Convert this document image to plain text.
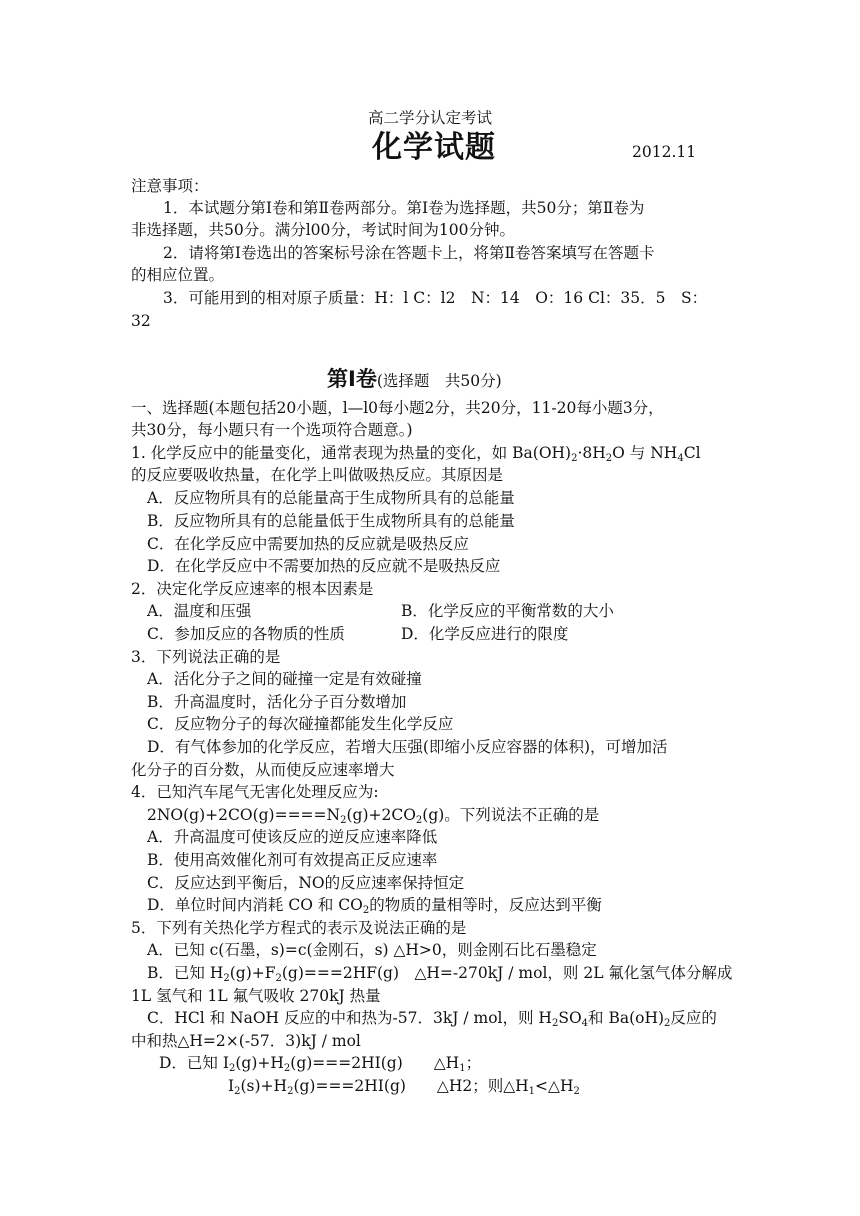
高二学分认定考试
化学试题	2012.11
注意事项：
1．本试题分第Ⅰ卷和第Ⅱ卷两部分。第Ⅰ卷为选择题，共50分；第Ⅱ卷为
非选择题，共50分。满分l00分，考试时间为100分钟。
2．请将第Ⅰ卷选出的答案标号涂在答题卡上，将第Ⅱ卷答案填写在答题卡
的相应位置。
3．可能用到的相对原子质量：H：l C：l2　N：14　O：16 Cl：35．5　S：
32
第Ⅰ卷(选择题　共50分)
一、选择题(本题包括20小题，l—l0每小题2分，共20分，11-20每小题3分，
共30分，每小题只有一个选项符合题意。)
1. 化学反应中的能量变化，通常表现为热量的变化，如 $Ba(OH)_2\cdot 8H_2O$ 与 $NH_4Cl$
的反应要吸收热量，在化学上叫做吸热反应。其原因是
A．反应物所具有的总能量高于生成物所具有的总能量
B．反应物所具有的总能量低于生成物所具有的总能量
C．在化学反应中需要加热的反应就是吸热反应
D．在化学反应中不需要加热的反应就不是吸热反应
2．决定化学反应速率的根本因素是
A．温度和压强	B．化学反应的平衡常数的大小
C．参加反应的各物质的性质	D．化学反应进行的限度
3．下列说法正确的是
A．活化分子之间的碰撞一定是有效碰撞
B．升高温度时，活化分子百分数增加
C．反应物分子的每次碰撞都能发生化学反应
D．有气体参加的化学反应，若增大压强(即缩小反应容器的体积)，可增加活
化分子的百分数，从而使反应速率增大
4．已知汽车尾气无害化处理反应为:
$2NO(g)+2CO(g)====N_2(g)+2CO_2(g)$。下列说法不正确的是
A．升高温度可使该反应的逆反应速率降低
B．使用高效催化剂可有效提高正反应速率
C．反应达到平衡后，NO的反应速率保持恒定
D．单位时间内消耗 CO 和 $CO_2$的物质的量相等时，反应达到平衡
5．下列有关热化学方程式的表示及说法正确的是
A．已知 c(石墨，s)=c(金刚石，s) △H>0，则金刚石比石墨稳定
B．已知 $H_2(g)+F_2(g)===2HF(g)$　△H=-270kJ / mol，则 2L 氟化氢气体分解成
1L 氢气和 1L 氟气吸收 270kJ 热量
C．HCl 和 NaOH 反应的中和热为-57．3kJ / mol，则 $H_2SO_4$和 $Ba(oH)_2$反应的
中和热△H=2×(-57．3)kJ / mol
D．已知 $I_2(g)+H_2(g)===2HI(g)$　　$\triangle H_1$；
$I_2(s)+H_2(g)===2HI(g)$　　△H2；则$\triangle H_1<\triangle H_2$
